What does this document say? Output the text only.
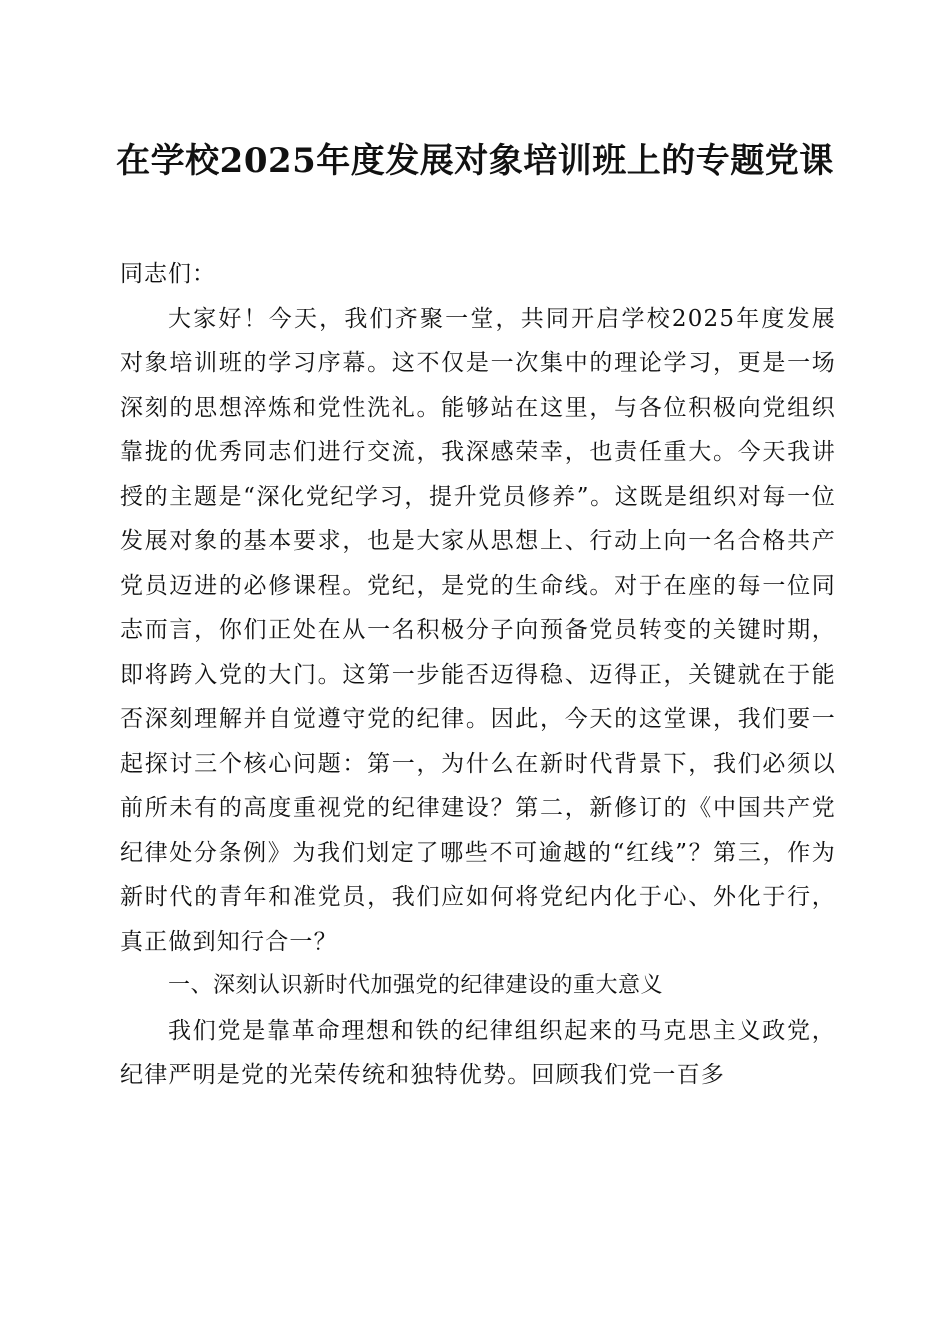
在学校2025年度发展对象培训班上的专题党课

同志们：

大家好！今天，我们齐聚一堂，共同开启学校2025年度发展对象培训班的学习序幕。这不仅是一次集中的理论学习，更是一场深刻的思想淬炼和党性洗礼。能够站在这里，与各位积极向党组织靠拢的优秀同志们进行交流，我深感荣幸，也责任重大。今天我讲授的主题是“深化党纪学习，提升党员修养”。这既是组织对每一位发展对象的基本要求，也是大家从思想上、行动上向一名合格共产党员迈进的必修课程。党纪，是党的生命线。对于在座的每一位同志而言，你们正处在从一名积极分子向预备党员转变的关键时期，即将跨入党的大门。这第一步能否迈得稳、迈得正，关键就在于能否深刻理解并自觉遵守党的纪律。因此，今天的这堂课，我们要一起探讨三个核心问题：第一，为什么在新时代背景下，我们必须以前所未有的高度重视党的纪律建设？第二，新修订的《中国共产党纪律处分条例》为我们划定了哪些不可逾越的“红线”？第三，作为新时代的青年和准党员，我们应如何将党纪内化于心、外化于行，真正做到知行合一？

一、深刻认识新时代加强党的纪律建设的重大意义

我们党是靠革命理想和铁的纪律组织起来的马克思主义政党，纪律严明是党的光荣传统和独特优势。回顾我们党一百多
